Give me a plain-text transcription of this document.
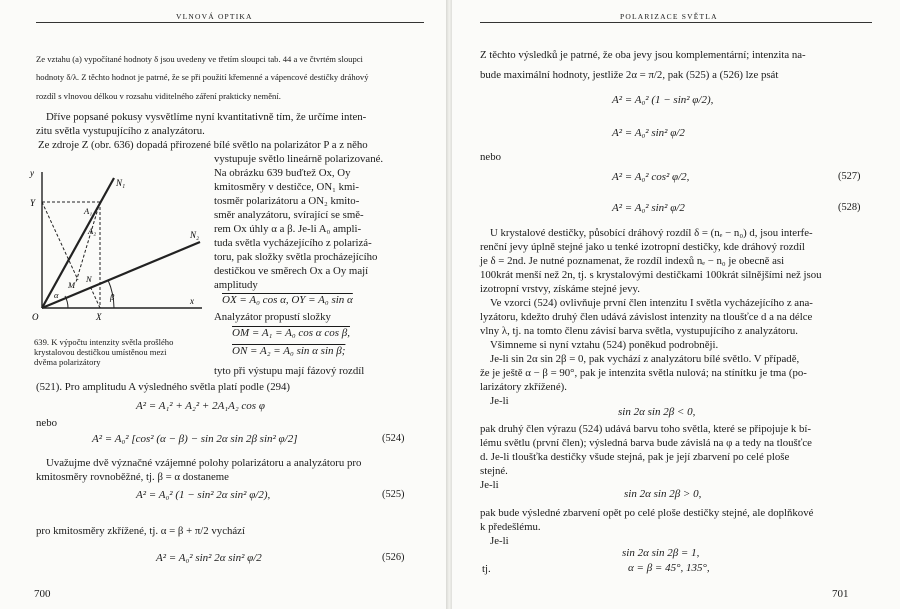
VLNOVÁ OPTIKA
Ze vztahu (a) vypočítané hodnoty δ jsou uvedeny ve třetím sloupci tab. 44 a ve čtvrtém sloupci
hodnoty δ/λ. Z těchto hodnot je patrné, že se při použití křemenné a vápencové destičky dráhový
rozdíl s vlnovou délkou v rozsahu viditelného záření prakticky nemění.
Dříve popsané pokusy vysvětlíme nyní kvantitativně tím, že určíme inten-
zitu světla vystupujícího z analyzátoru.
Ze zdroje Z (obr. 636) dopadá přirozené bílé světlo na polarizátor P a z něho
vystupuje světlo lineárně polarizované.
Na obrázku 639 buďtež Ox, Oy
kmitosměry v destičce, ON₁ kmi-
tosměr polarizátoru a ON₂ kmito-
směr analyzátoru, svírající se smě-
rem Ox úhly α a β. Je-li A₀ ampli-
tuda světla vycházejícího z polarizá-
toru, pak složky světla procházejícího
destičkou ve směrech Ox a Oy mají
amplitudy
OX = A₀ cos α, OY = A₀ sin α
Analyzátor propustí složky
OM = A₁ = A₀ cos α cos β,
ON = A₂ = A₀ sin α sin β;
tyto při výstupu mají fázový rozdíl
y
Y
N₁
N₂
A₁
A₂
M
N
α	β
O	X
x
639. K výpočtu intenzity světla prošlého
krystalovou destičkou umístěnou mezi
dvěma polarizátory
(521). Pro amplitudu A výsledného světla platí podle (294)
A² = A₁² + A₂² + 2A₁A₂ cos φ
nebo
A² = A₀² [cos² (α − β) − sin 2α sin 2β sin² φ/2]	(524)
Uvažujme dvě význačné vzájemné polohy polarizátoru a analyzátoru pro
kmitosměry rovnoběžné, tj. β = α dostaneme
A² = A₀² (1 − sin² 2α sin² φ/2),	(525)
pro kmitosměry zkřížené, tj. α = β + π/2 vychází
A² = A₀² sin² 2α sin² φ/2	(526)
700
POLARIZACE SVĚTLA
Z těchto výsledků je patrné, že oba jevy jsou komplementární; intenzita na-
bude maximální hodnoty, jestliže 2α = π/2, pak (525) a (526) lze psát
A² = A₀² (1 − sin² φ/2),
A² = A₀² sin² φ/2
nebo
A² = A₀² cos² φ/2,	(527)
A² = A₀² sin² φ/2	(528)
U krystalové destičky, působící dráhový rozdíl δ = (nₑ − n₀) d, jsou interfe-
renční jevy úplně stejné jako u tenké izotropní destičky, kde dráhový rozdíl
je δ = 2nd. Je nutné poznamenat, že rozdíl indexů nₑ − n₀ je obecně asi
100krát menší než 2n, tj. s krystalovými destičkami 100krát silnějšími než jsou
izotropní vrstvy, získáme stejné jevy.
Ve vzorci (524) ovlivňuje první člen intenzitu I světla vycházejícího z ana-
lyzátoru, kdežto druhý člen udává závislost intenzity na tloušťce d a na délce
vlny λ, tj. na tomto členu závisí barva světla, vystupujícího z analyzátoru.
Všimneme si nyní vztahu (524) poněkud podrobněji.
Je-li sin 2α sin 2β = 0, pak vychází z analyzátoru bílé světlo. V případě,
že je ještě α − β = 90°, pak je intenzita světla nulová; na stínítku je tma (po-
larizátory zkřížené).
Je-li
sin 2α sin 2β < 0,
pak druhý člen výrazu (524) udává barvu toho světla, které se připojuje k bí-
lému světlu (první člen); výsledná barva bude závislá na φ a tedy na tloušťce
d. Je-li tloušťka destičky všude stejná, pak je její zbarvení po celé ploše
stejné.
Je-li
sin 2α sin 2β > 0,
pak bude výsledné zbarvení opět po celé ploše destičky stejné, ale doplňkové
k předešlému.
Je-li
sin 2α sin 2β = 1,
tj.	α = β = 45°, 135°,
701
